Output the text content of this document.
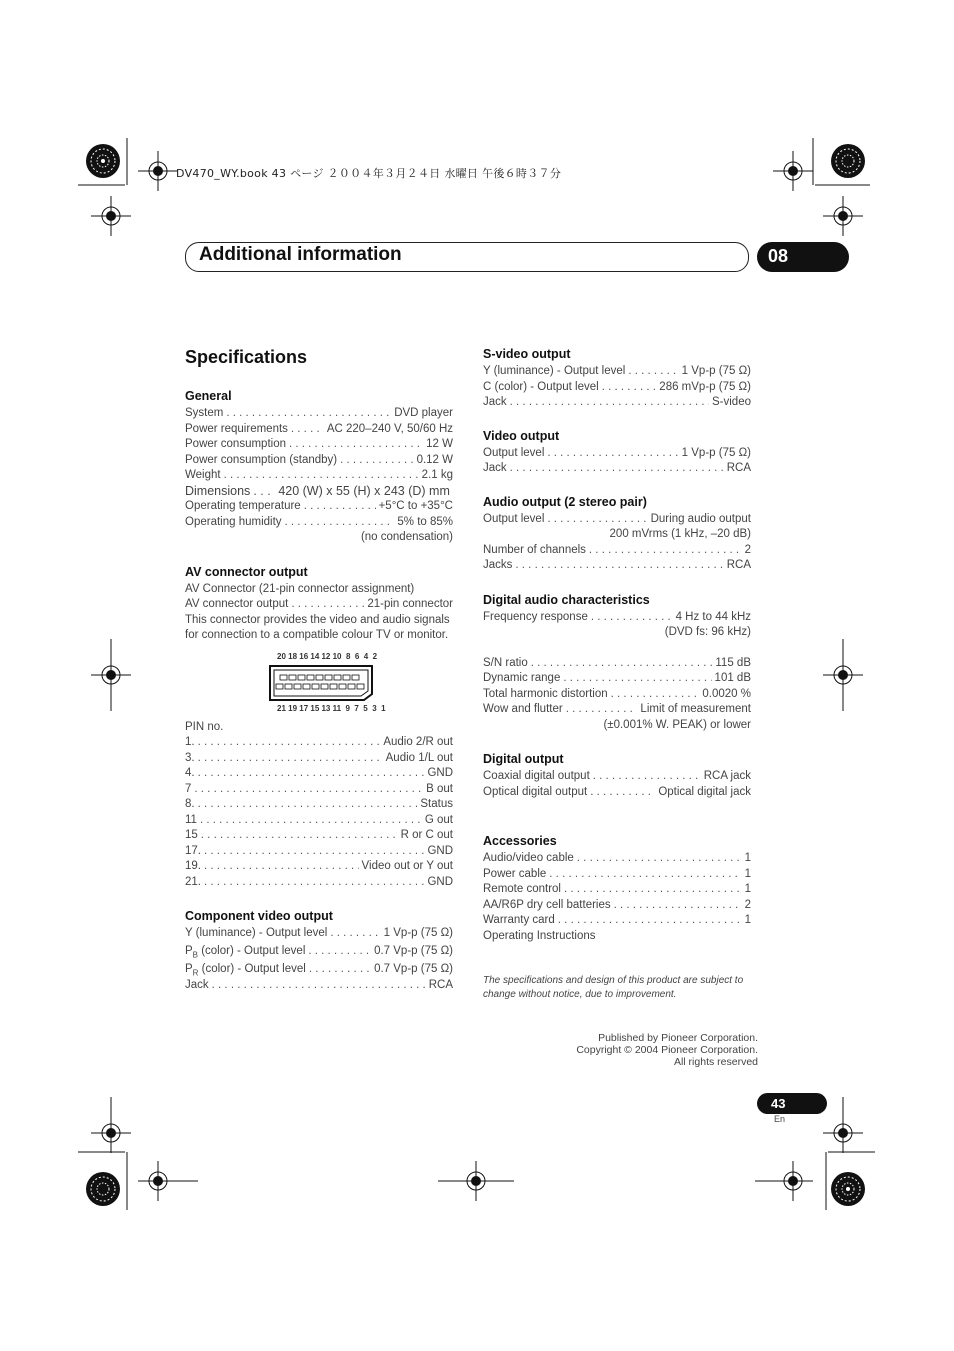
DV470_WY.book 43 ページ ２００４年３月２４日 水曜日 午後６時３７分
Additional information	08
Specifications
General
System . . .	DVD player
Power requirements . . .	AC 220–240 V, 50/60 Hz
Power consumption . . .	12 W
Power consumption (standby) . . .	0.12 W
Weight . . .	2.1 kg
Dimensions . . . 420 (W) x 55 (H) x 243 (D) mm
Operating temperature . . .	+5°C to +35°C
Operating humidity . . .	5% to 85%
(no condensation)
AV connector output
AV Connector (21-pin connector assignment)
AV connector output . . .	21-pin connector
This connector provides the video and audio signals for connection to a compatible colour TV or monitor.
20 18 16 14 12 10  8  6  4  2
21 19 17 15 13 11  9  7  5  3  1
PIN no.
1. . . .	Audio 2/R out
3. . . .	Audio 1/L out
4. . . .	GND
7 . . .	B out
8. . . .	Status
11 . . .	G out
15 . . .	R or C out
17. . . .	GND
19. . . .	Video out or Y out
21. . . .	GND
Component video output
Y (luminance) - Output level . . .	1 Vp-p (75 Ω)
$P_B$ (color) - Output level . . .	0.7 Vp-p (75 Ω)
$P_R$ (color) - Output level . . .	0.7 Vp-p (75 Ω)
Jack . . .	RCA
S-video output
Y (luminance) - Output level . . .	1 Vp-p (75 Ω)
C (color) - Output level . . .	286 mVp-p (75 Ω)
Jack . . .	S-video
Video output
Output level . . .	1 Vp-p (75 Ω)
Jack . . .	RCA
Audio output (2 stereo pair)
Output level . . .	During audio output
200 mVrms (1 kHz, –20 dB)
Number of channels . . .	2
Jacks . . .	RCA
Digital audio characteristics
Frequency response . . .	4 Hz to 44 kHz
(DVD fs: 96 kHz)
S/N ratio . . .	115 dB
Dynamic range . . .	101 dB
Total harmonic distortion . . .	0.0020 %
Wow and flutter . . .	Limit of measurement
(±0.001% W. PEAK) or lower
Digital output
Coaxial digital output . . .	RCA jack
Optical digital output . . .	Optical digital jack
Accessories
Audio/video cable . . .	1
Power cable . . .	1
Remote control . . .	1
AA/R6P dry cell batteries . . .	2
Warranty card . . .	1
Operating Instructions
The specifications and design of this product are subject to change without notice, due to improvement.
Published by Pioneer Corporation.
Copyright © 2004 Pioneer Corporation.
All rights reserved
43
En
